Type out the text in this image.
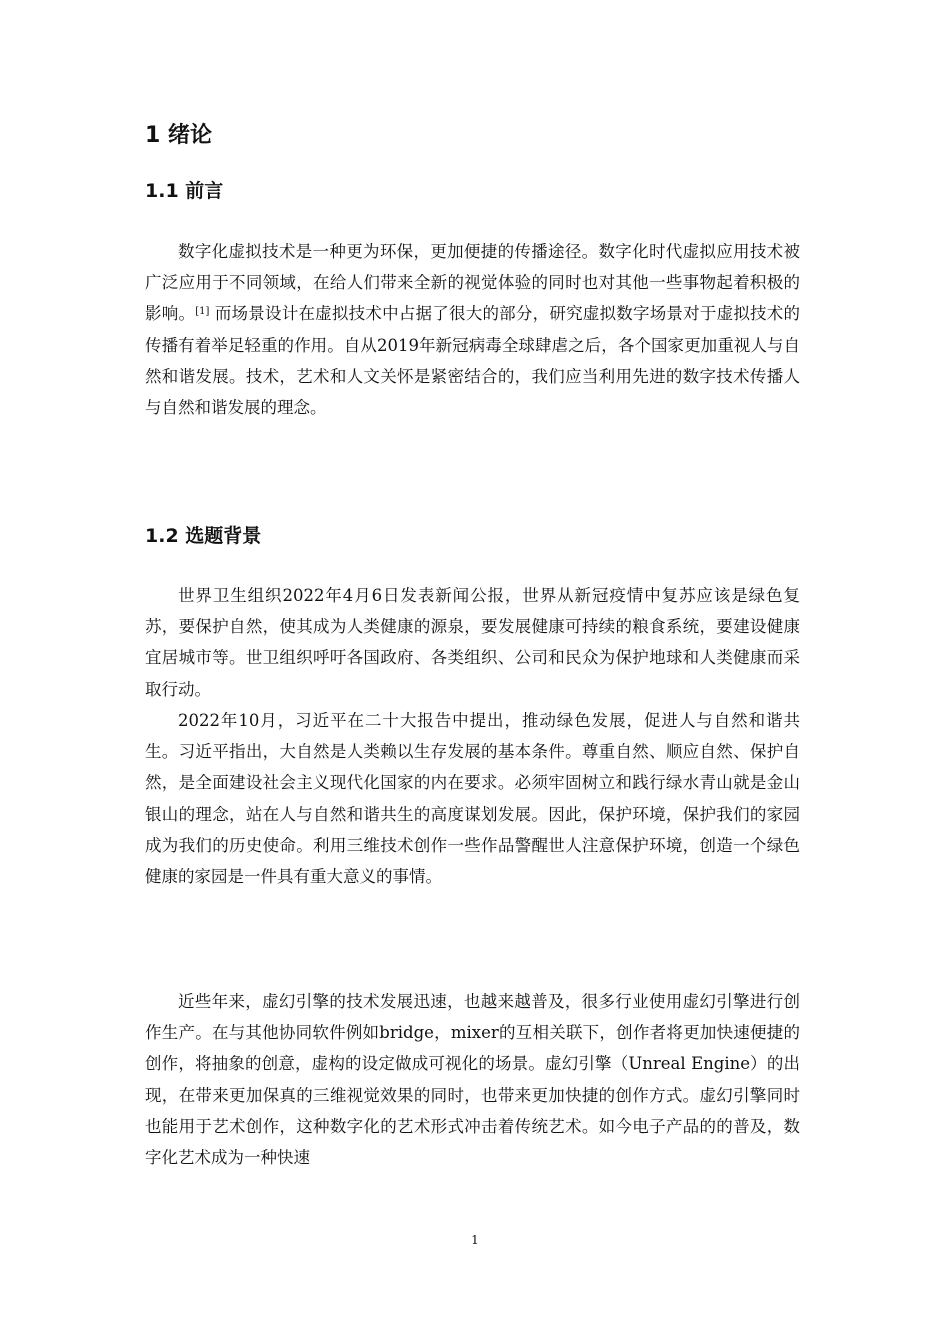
1 绪论
1.1 前言

数字化虚拟技术是一种更为环保，更加便捷的传播途径。数字化时代虚拟应用技术被广泛应用于不同领域，在给人们带来全新的视觉体验的同时也对其他一些事物起着积极的影响。[1] 而场景设计在虚拟技术中占据了很大的部分，研究虚拟数字场景对于虚拟技术的传播有着举足轻重的作用。自从2019年新冠病毒全球肆虐之后，各个国家更加重视人与自然和谐发展。技术，艺术和人文关怀是紧密结合的，我们应当利用先进的数字技术传播人与自然和谐发展的理念。

1.2 选题背景

世界卫生组织2022年4月6日发表新闻公报，世界从新冠疫情中复苏应该是绿色复苏，要保护自然，使其成为人类健康的源泉，要发展健康可持续的粮食系统，要建设健康宜居城市等。世卫组织呼吁各国政府、各类组织、公司和民众为保护地球和人类健康而采取行动。

2022年10月，习近平在二十大报告中提出，推动绿色发展，促进人与自然和谐共生。习近平指出，大自然是人类赖以生存发展的基本条件。尊重自然、顺应自然、保护自然，是全面建设社会主义现代化国家的内在要求。必须牢固树立和践行绿水青山就是金山银山的理念，站在人与自然和谐共生的高度谋划发展。因此，保护环境，保护我们的家园成为我们的历史使命。利用三维技术创作一些作品警醒世人注意保护环境，创造一个绿色健康的家园是一件具有重大意义的事情。

近些年来，虚幻引擎的技术发展迅速，也越来越普及，很多行业使用虚幻引擎进行创作生产。在与其他协同软件例如bridge，mixer的互相关联下，创作者将更加快速便捷的创作，将抽象的创意，虚构的设定做成可视化的场景。虚幻引擎（Unreal Engine）的出现，在带来更加保真的三维视觉效果的同时，也带来更加快捷的创作方式。虚幻引擎同时也能用于艺术创作，这种数字化的艺术形式冲击着传统艺术。如今电子产品的的普及，数字化艺术成为一种快速

1
